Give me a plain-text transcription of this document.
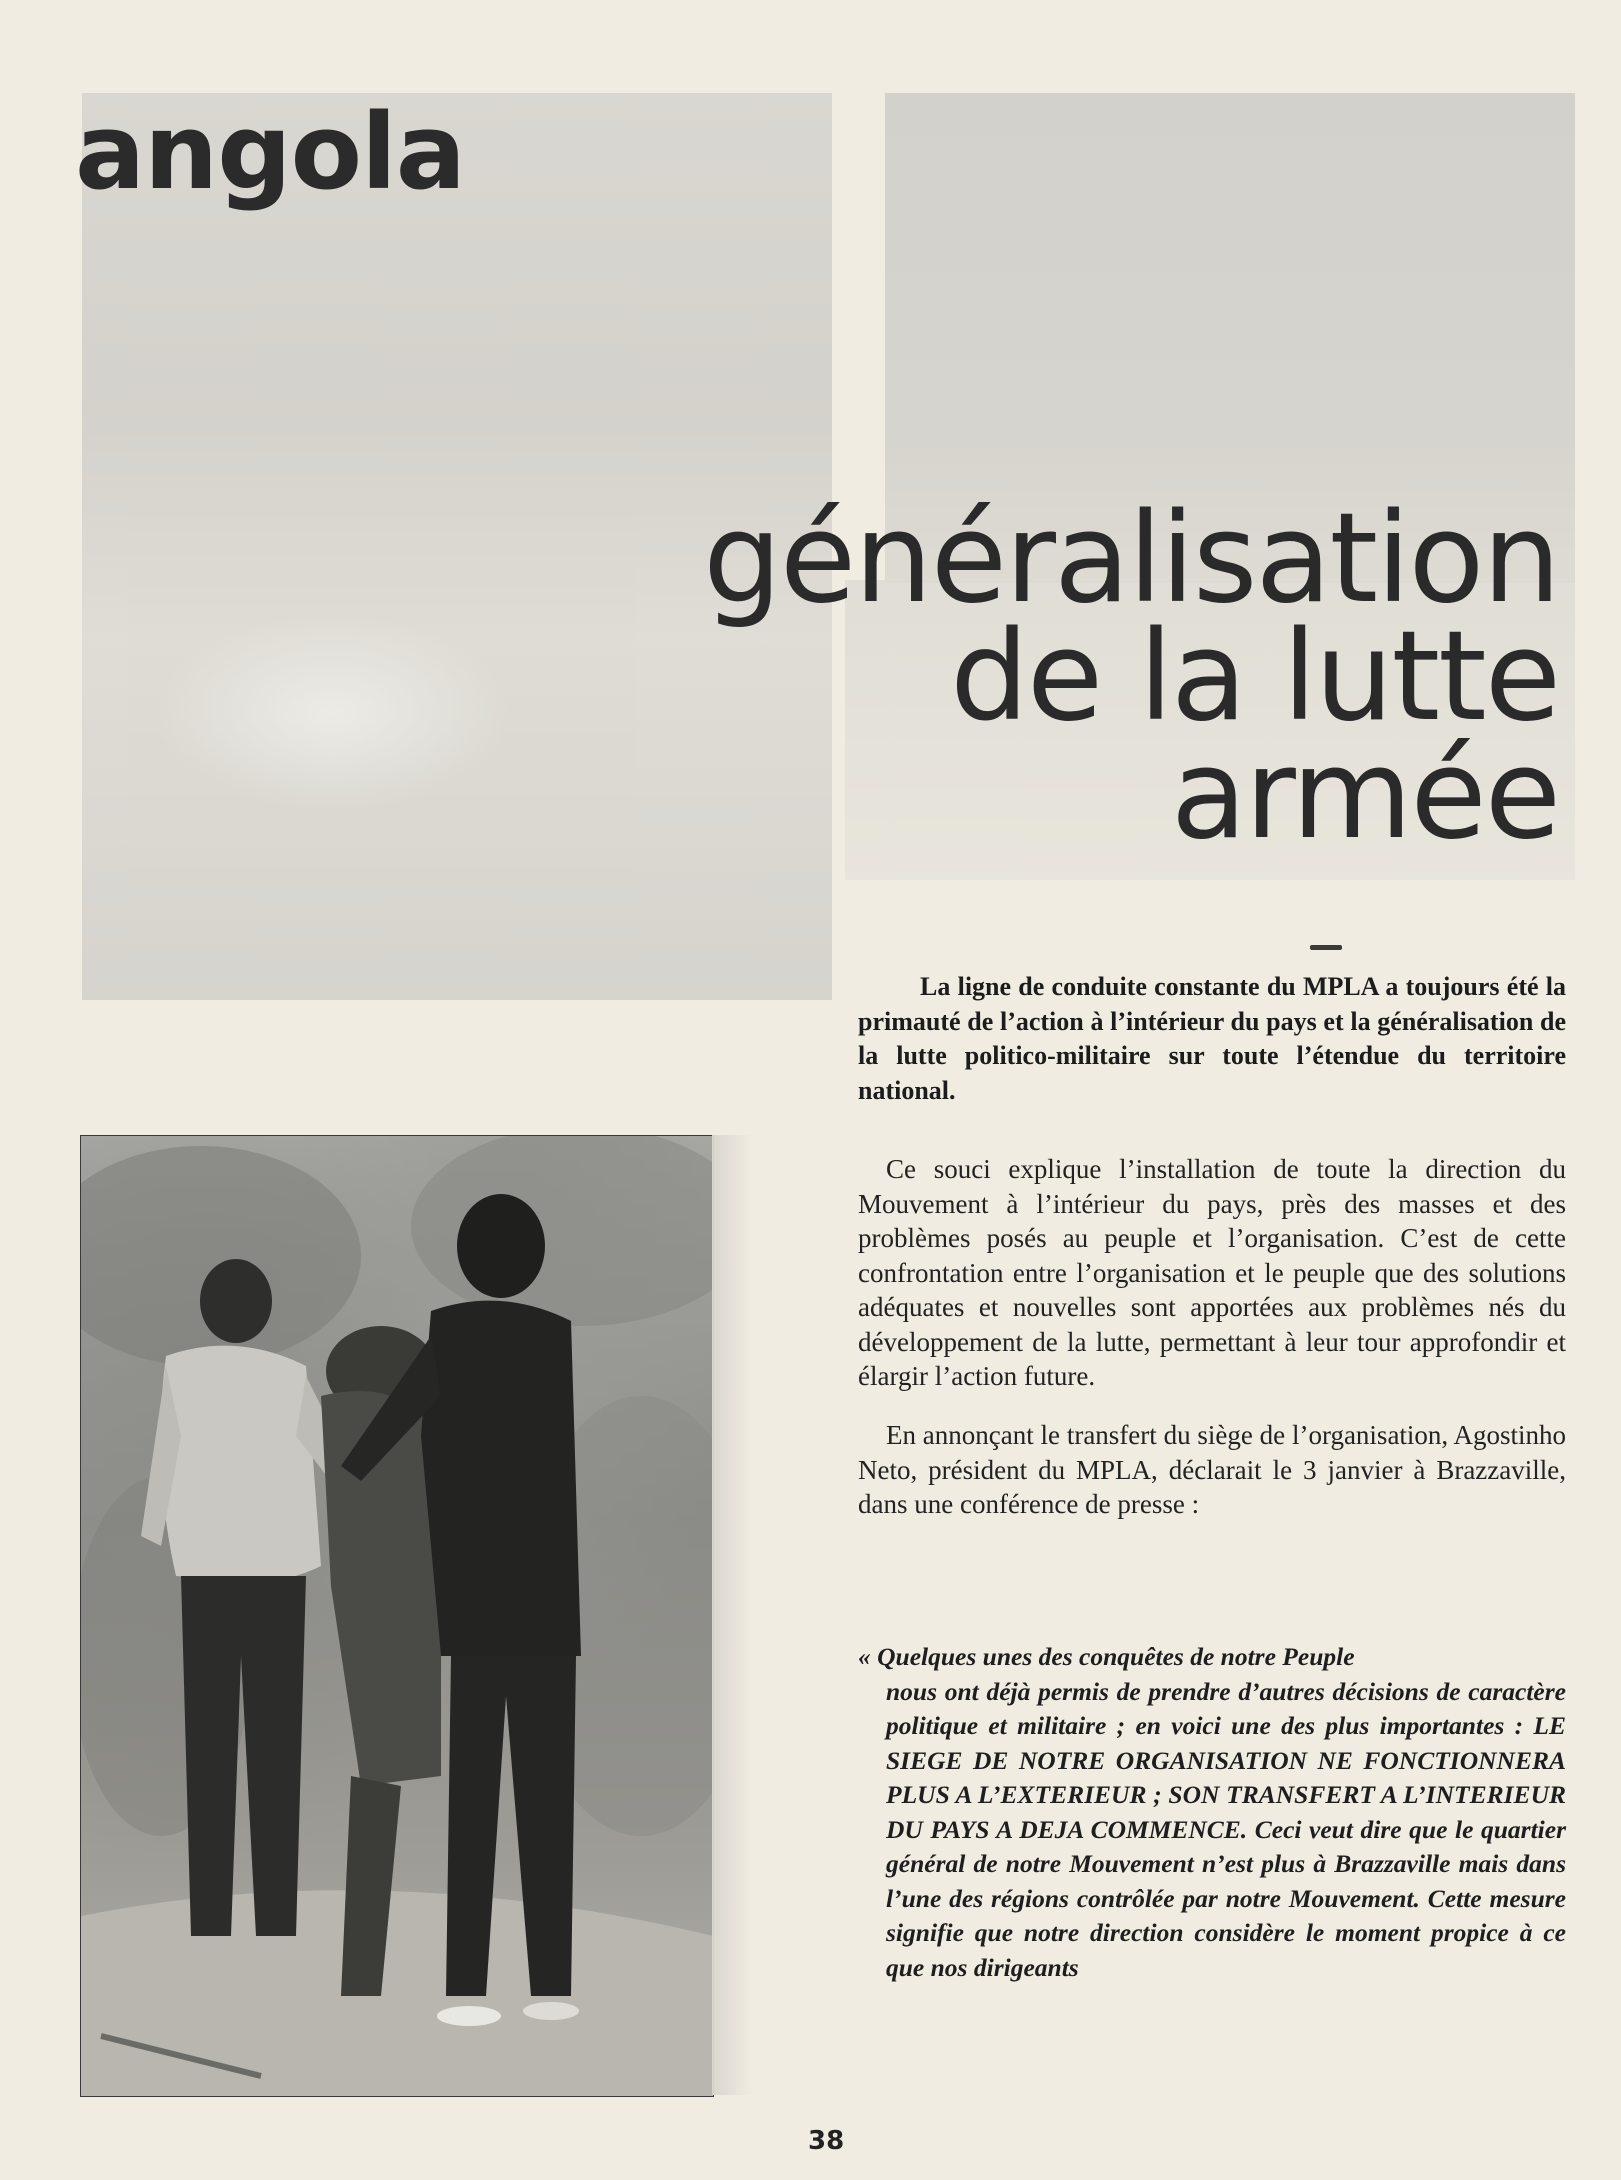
angola
généralisation
de la lutte
armée

La ligne de conduite constante du MPLA a toujours été la primauté de l’action à l’intérieur du pays et la généralisation de la lutte politico-militaire sur toute l’étendue du territoire national.

Ce souci explique l’installation de toute la direction du Mouvement à l’intérieur du pays, près des masses et des problèmes posés au peuple et l’organisation. C’est de cette confrontation entre l’organisation et le peuple que des solutions adéquates et nouvelles sont apportées aux problèmes nés du développement de la lutte, permettant à leur tour approfondir et élargir l’action future.

En annonçant le transfert du siège de l’organisation, Agostinho Neto, président du MPLA, déclarait le 3 janvier à Brazzaville, dans une conférence de presse :

« Quelques unes des conquêtes de notre Peuple
nous ont déjà permis de prendre d’autres décisions de caractère politique et militaire ; en voici une des plus importantes : LE SIEGE DE NOTRE ORGANISATION NE FONCTIONNERA PLUS A L’EXTERIEUR ; SON TRANSFERT A L’INTERIEUR DU PAYS A DEJA COMMENCE. Ceci veut dire que le quartier général de notre Mouvement n’est plus à Brazzaville mais dans l’une des régions contrôlée par notre Mouvement. Cette mesure signifie que notre direction considère le moment propice à ce que nos dirigeants
38
